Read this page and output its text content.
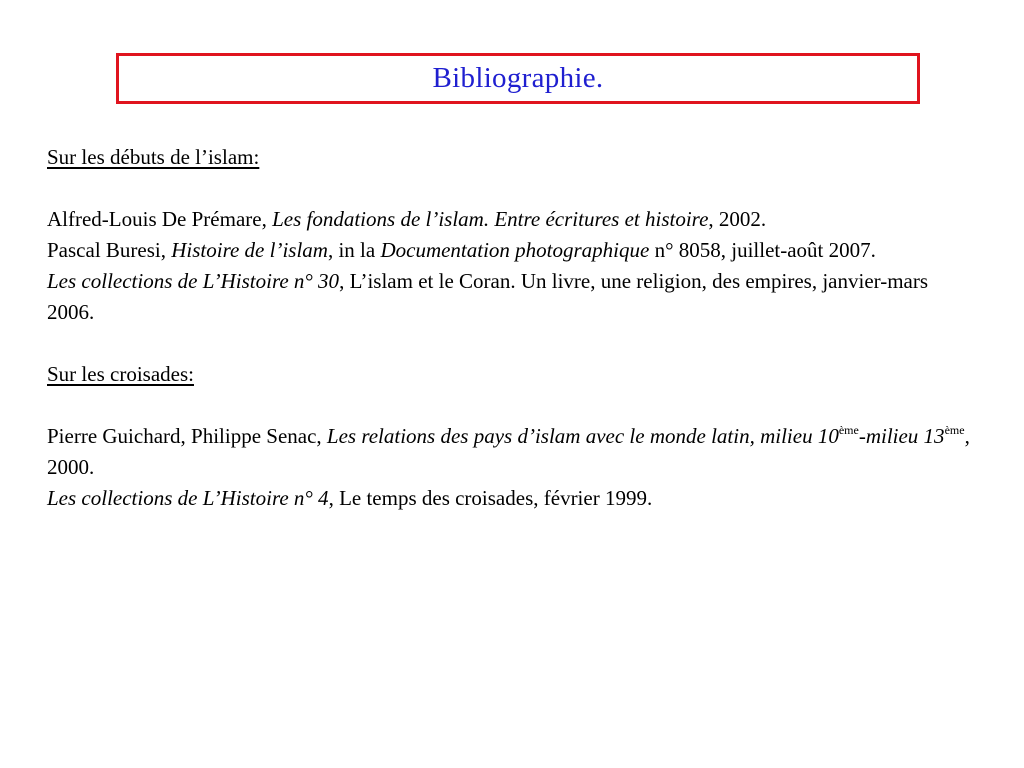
Bibliographie.
Sur les débuts de l’islam:

Alfred-Louis De Prémare, Les fondations de l’islam. Entre écritures et histoire, 2002.

Pascal Buresi, Histoire de l’islam, in la Documentation photographique n° 8058, juillet-août 2007.

Les collections de L’Histoire n° 30, L’islam et le Coran. Un livre, une religion, des empires, janvier-mars 2006.

Sur les croisades:

Pierre Guichard, Philippe Senac, Les relations des pays d’islam avec le monde latin, milieu 10ème-milieu 13ème, 2000.

Les collections de L’Histoire n° 4, Le temps des croisades, février 1999.
